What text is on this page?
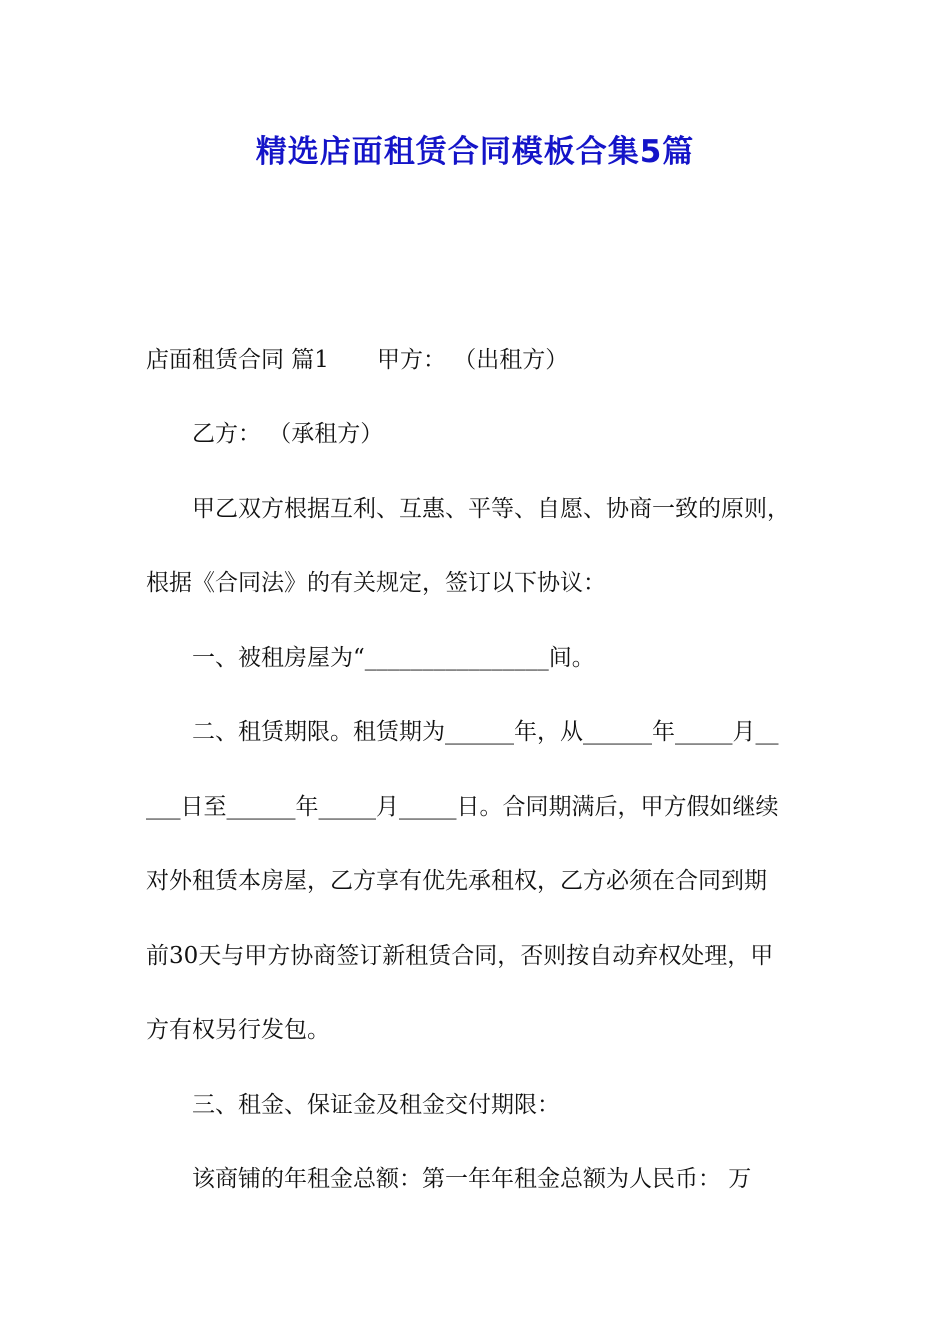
精选店面租赁合同模板合集5篇

店面租赁合同 篇1 甲方： （出租方）

乙方： （承租方）

甲乙双方根据互利、互惠、平等、自愿、协商一致的原则，

根据《合同法》的有关规定，签订以下协议：

一、被租房屋为“________________间。

二、租赁期限。租赁期为______年，从______年_____月__

___日至______年_____月_____日。合同期满后，甲方假如继续

对外租赁本房屋，乙方享有优先承租权，乙方必须在合同到期

前30天与甲方协商签订新租赁合同，否则按自动弃权处理，甲

方有权另行发包。

三、租金、保证金及租金交付期限：

该商铺的年租金总额：第一年年租金总额为人民币： 万
